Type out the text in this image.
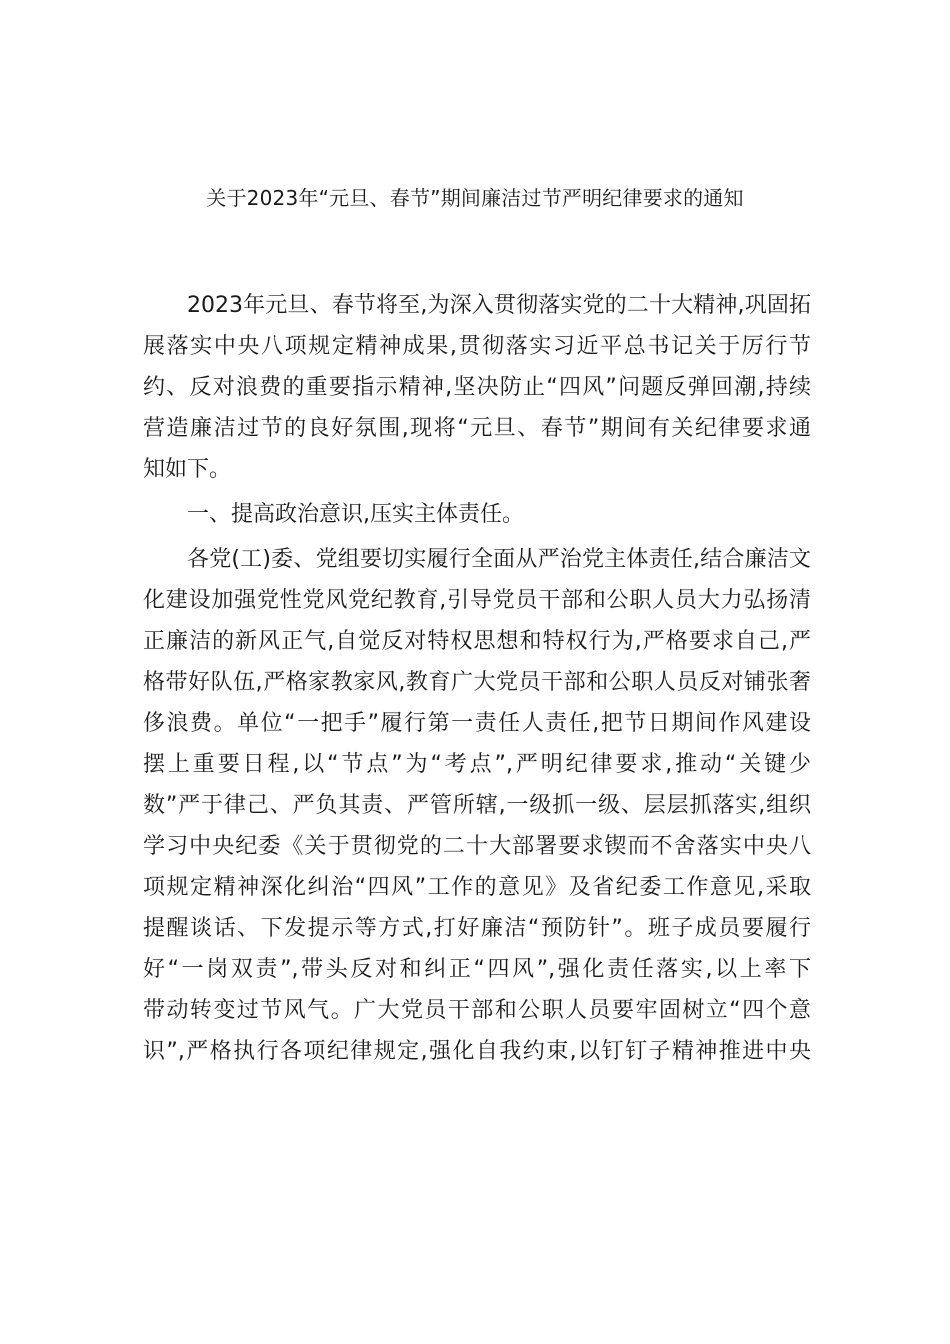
关于2023年“元旦、春节”期间廉洁过节严明纪律要求的通知
2023年元旦、春节将至,为深入贯彻落实党的二十大精神,巩固拓
展落实中央八项规定精神成果,贯彻落实习近平总书记关于厉行节
约、反对浪费的重要指示精神,坚决防止“四风”问题反弹回潮,持续
营造廉洁过节的良好氛围,现将“元旦、春节”期间有关纪律要求通
知如下。
一、提高政治意识,压实主体责任。
各党(工)委、党组要切实履行全面从严治党主体责任,结合廉洁文
化建设加强党性党风党纪教育,引导党员干部和公职人员大力弘扬清
正廉洁的新风正气,自觉反对特权思想和特权行为,严格要求自己,严
格带好队伍,严格家教家风,教育广大党员干部和公职人员反对铺张奢
侈浪费。单位“一把手”履行第一责任人责任,把节日期间作风建设
摆上重要日程,以“节点”为“考点”,严明纪律要求,推动“关键少
数”严于律己、严负其责、严管所辖,一级抓一级、层层抓落实,组织
学习中央纪委《关于贯彻党的二十大部署要求锲而不舍落实中央八
项规定精神深化纠治“四风”工作的意见》及省纪委工作意见,采取
提醒谈话、下发提示等方式,打好廉洁“预防针”。班子成员要履行
好“一岗双责”,带头反对和纠正“四风”,强化责任落实,以上率下
带动转变过节风气。广大党员干部和公职人员要牢固树立“四个意
识”,严格执行各项纪律规定,强化自我约束,以钉钉子精神推进中央
